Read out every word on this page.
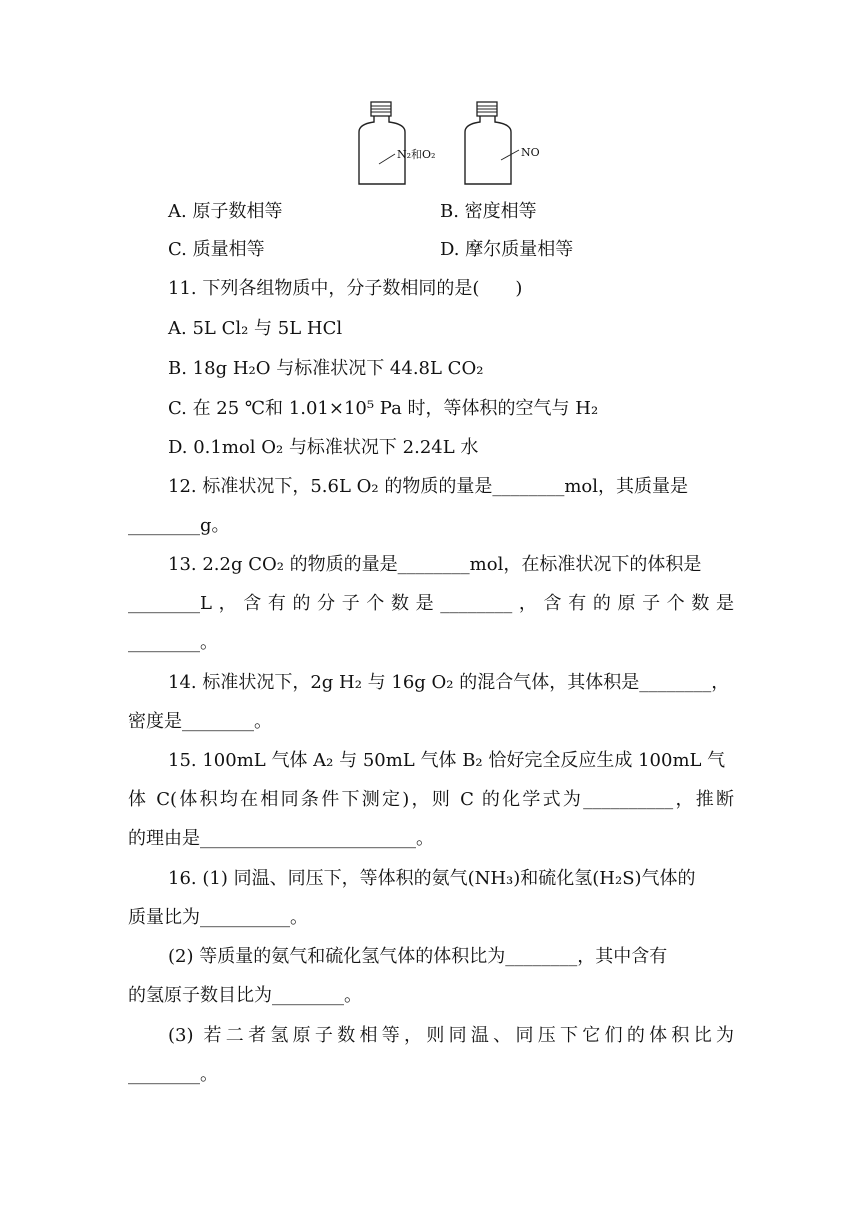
N₂和O₂	NO
A. 原子数相等	B. 密度相等
C. 质量相等	D. 摩尔质量相等
11. 下列各组物质中，分子数相同的是(　　)
A. 5L Cl₂ 与 5L HCl
B. 18g H₂O 与标准状况下 44.8L CO₂
C. 在 25 ℃和 1.01×10⁵ Pa 时，等体积的空气与 H₂
D. 0.1mol O₂ 与标准状况下 2.24L 水
12. 标准状况下，5.6L O₂ 的物质的量是________mol，其质量是
________g。
13. 2.2g CO₂ 的物质的量是________mol，在标准状况下的体积是
________L，含有的分子个数是________，含有的原子个数是
________。
14. 标准状况下，2g H₂ 与 16g O₂ 的混合气体，其体积是________，
密度是________。
15. 100mL 气体 A₂ 与 50mL 气体 B₂ 恰好完全反应生成 100mL 气
体 C(体积均在相同条件下测定)，则 C 的化学式为__________，推断
的理由是________________________。
16. (1) 同温、同压下，等体积的氨气(NH₃)和硫化氢(H₂S)气体的
质量比为__________。
(2) 等质量的氨气和硫化氢气体的体积比为________，其中含有
的氢原子数目比为________。
(3) 若二者氢原子数相等，则同温、同压下它们的体积比为
________。
